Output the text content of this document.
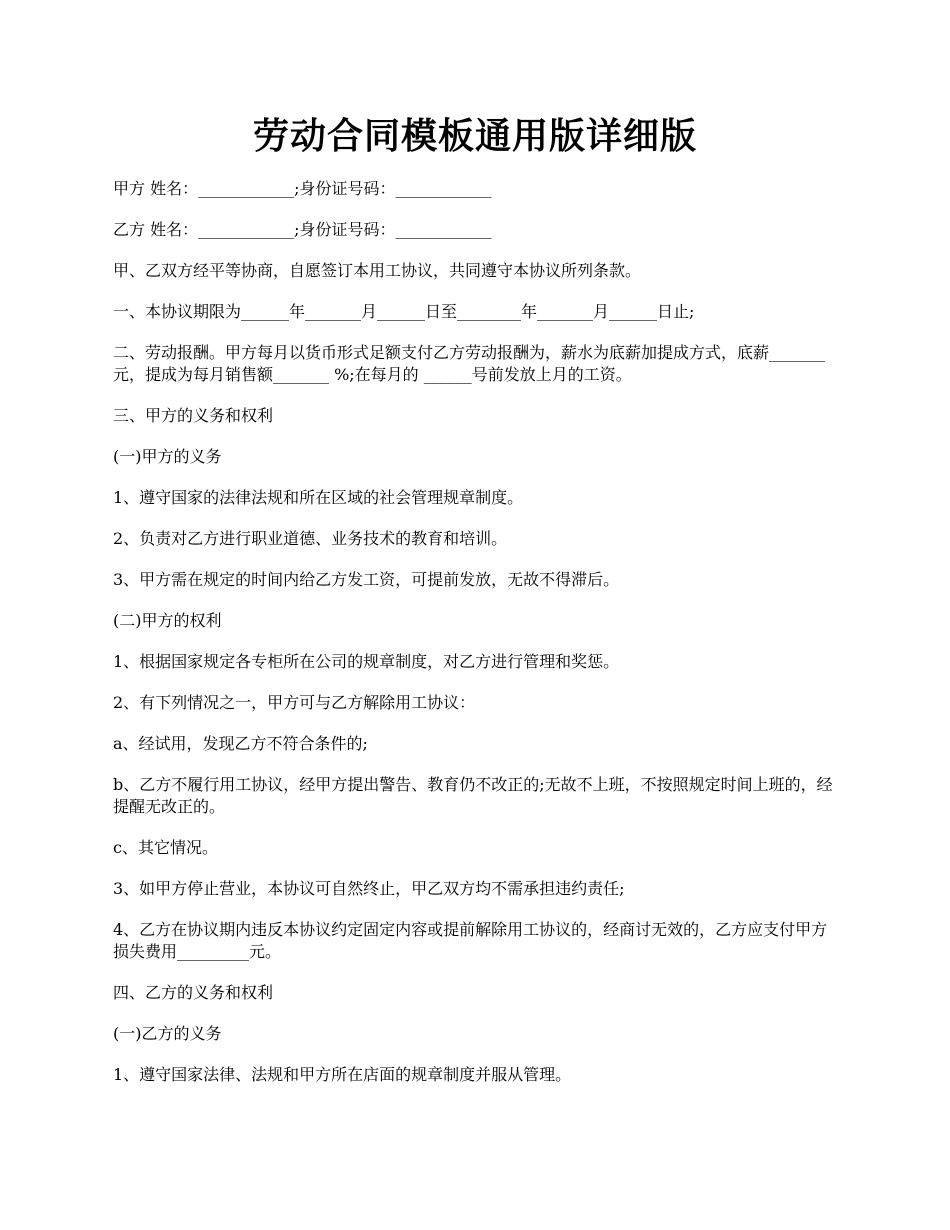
劳动合同模板通用版详细版

甲方 姓名：____________;身份证号码：____________

乙方 姓名：____________;身份证号码：____________

甲、乙双方经平等协商，自愿签订本用工协议，共同遵守本协议所列条款。

一、本协议期限为______年_______月______日至________年_______月______日止;

二、劳动报酬。甲方每月以货币形式足额支付乙方劳动报酬为，薪水为底薪加提成方式，底薪_______元，提成为每月销售额_______ %;在每月的 ______号前发放上月的工资。

三、甲方的义务和权利

(一)甲方的义务

1、遵守国家的法律法规和所在区域的社会管理规章制度。

2、负责对乙方进行职业道德、业务技术的教育和培训。

3、甲方需在规定的时间内给乙方发工资，可提前发放，无故不得滞后。

(二)甲方的权利

1、根据国家规定各专柜所在公司的规章制度，对乙方进行管理和奖惩。

2、有下列情况之一，甲方可与乙方解除用工协议：

a、经试用，发现乙方不符合条件的;

b、乙方不履行用工协议，经甲方提出警告、教育仍不改正的;无故不上班，不按照规定时间上班的，经提醒无改正的。

c、其它情况。

3、如甲方停止营业，本协议可自然终止，甲乙双方均不需承担违约责任;

4、乙方在协议期内违反本协议约定固定内容或提前解除用工协议的，经商讨无效的，乙方应支付甲方损失费用_________元。

四、乙方的义务和权利

(一)乙方的义务

1、遵守国家法律、法规和甲方所在店面的规章制度并服从管理。
